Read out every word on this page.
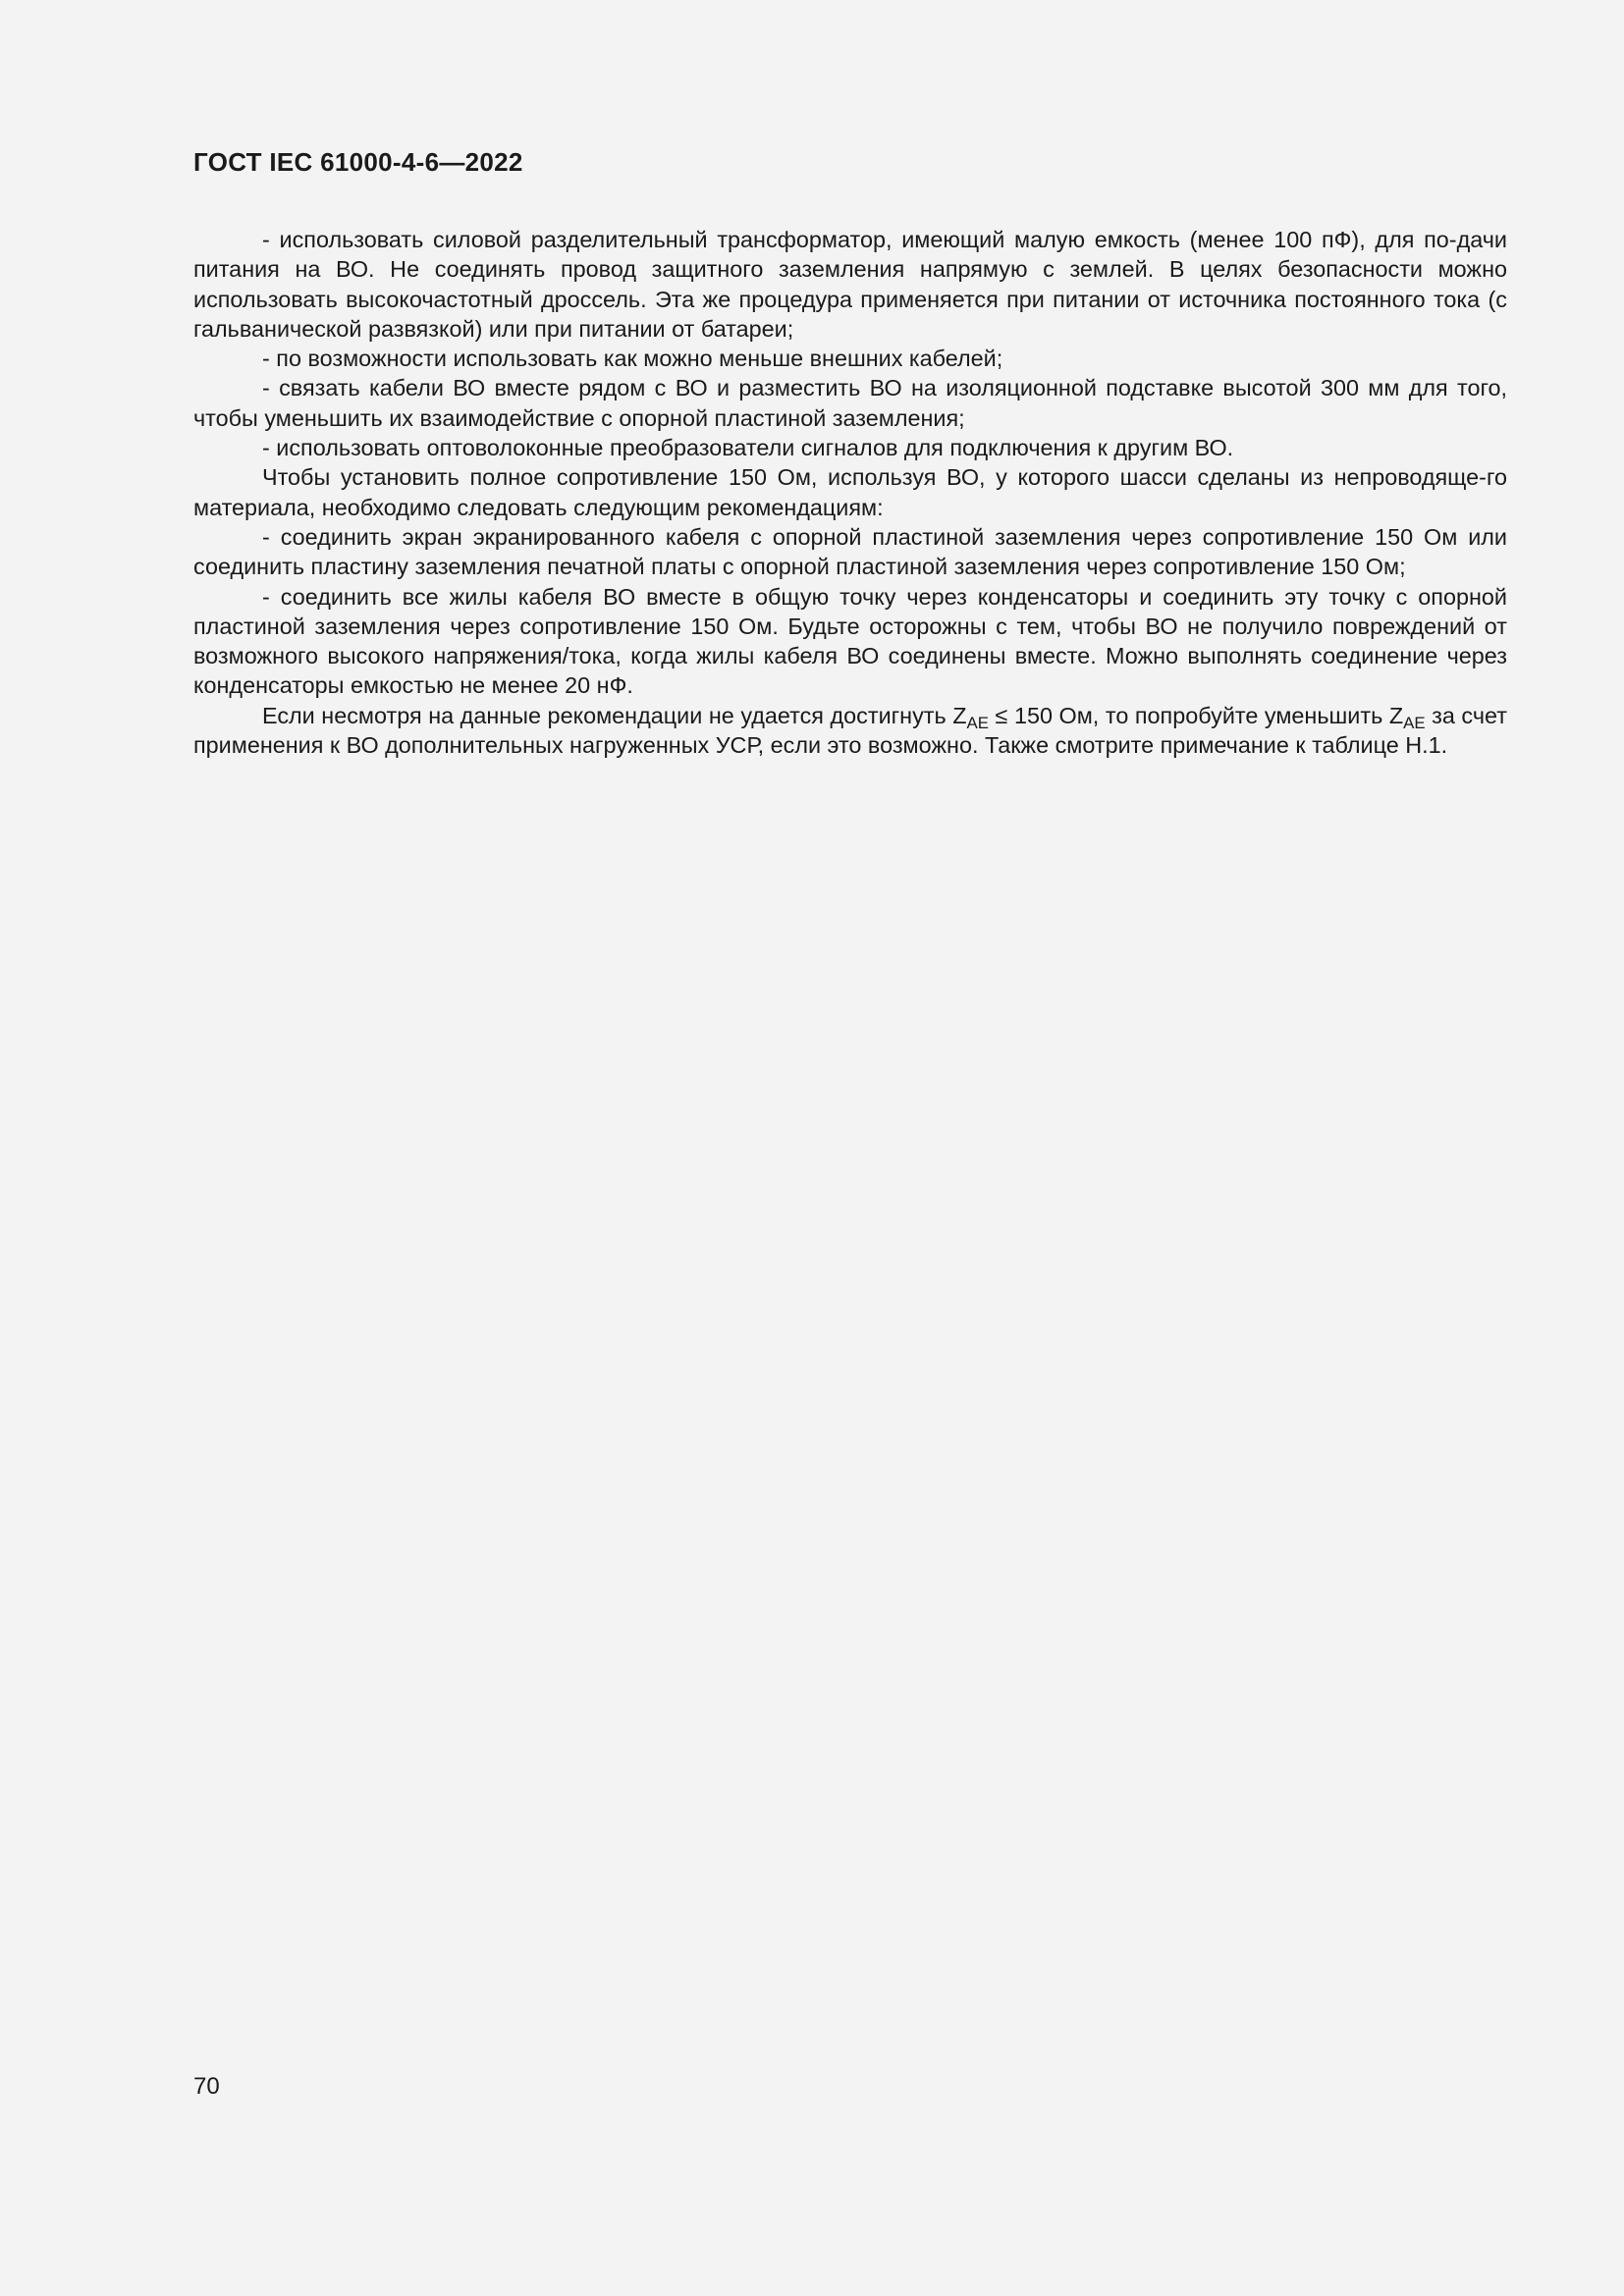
ГОСТ IEC 61000-4-6—2022

- использовать силовой разделительный трансформатор, имеющий малую емкость (менее 100 пФ), для по-дачи питания на ВО. Не соединять провод защитного заземления напрямую с землей. В целях безопасности можно использовать высокочастотный дроссель. Эта же процедура применяется при питании от источника постоянного тока (с гальванической развязкой) или при питании от батареи;

- по возможности использовать как можно меньше внешних кабелей;

- связать кабели ВО вместе рядом с ВО и разместить ВО на изоляционной подставке высотой 300 мм для того, чтобы уменьшить их взаимодействие с опорной пластиной заземления;

- использовать оптоволоконные преобразователи сигналов для подключения к другим ВО.

Чтобы установить полное сопротивление 150 Ом, используя ВО, у которого шасси сделаны из непроводяще-го материала, необходимо следовать следующим рекомендациям:

- соединить экран экранированного кабеля с опорной пластиной заземления через сопротивление 150 Ом или соединить пластину заземления печатной платы с опорной пластиной заземления через сопротивление 150 Ом;

- соединить все жилы кабеля ВО вместе в общую точку через конденсаторы и соединить эту точку с опорной пластиной заземления через сопротивление 150 Ом. Будьте осторожны с тем, чтобы ВО не получило повреждений от возможного высокого напряжения/тока, когда жилы кабеля ВО соединены вместе. Можно выполнять соединение через конденсаторы емкостью не менее 20 нФ.

Если несмотря на данные рекомендации не удается достигнуть $Z_{AE} \le 150$ Ом, то попробуйте уменьшить $Z_{AE}$ за счет применения к ВО дополнительных нагруженных УСР, если это возможно. Также смотрите примечание к таблице H.1.

70
